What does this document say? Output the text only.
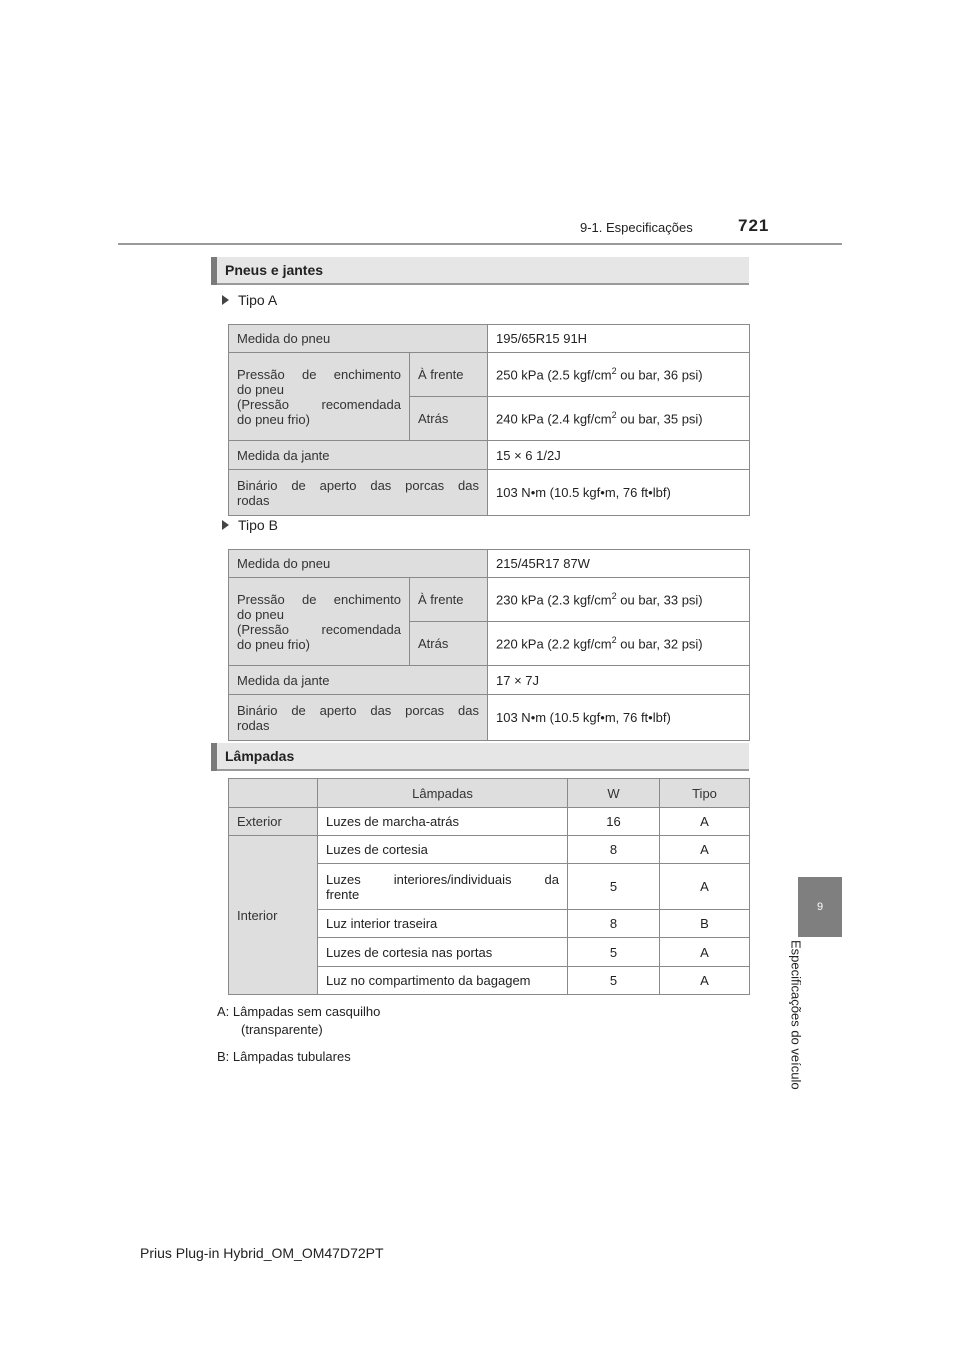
9-1. Especificações	721
9
Especificações do veículo
Pneus e jantes
Tipo A
Medida do pneu		195/65R15 91H

Pressão de enchimento
do pneu
(Pressão recomendada
do pneu frio)	À frente	250 kPa (2.5 kgf/$cm^2$ ou bar, 36 psi)
	Atrás	240 kPa (2.4 kgf/$cm^2$ ou bar, 35 psi)
Medida da jante		15 × 6 1/2J

Binário de aperto das porcas das
rodas		103 N•m (10.5 kgf•m, 76 ft•lbf)
Tipo B
Medida do pneu		215/45R17 87W

Pressão de enchimento
do pneu
(Pressão recomendada
do pneu frio)	À frente	230 kPa (2.3 kgf/$cm^2$ ou bar, 33 psi)
	Atrás	220 kPa (2.2 kgf/$cm^2$ ou bar, 32 psi)
Medida da jante		17 × 7J

Binário de aperto das porcas das
rodas		103 N•m (10.5 kgf•m, 76 ft•lbf)
Lâmpadas
	Lâmpadas	W	Tipo
Exterior	Luzes de marcha-atrás	16	A
Interior	Luzes de cortesia	8	A

	Luzes interiores/individuais da
frente	5	A
	Luz interior traseira	8	B
	Luzes de cortesia nas portas	5	A
	Luz no compartimento da bagagem	5	A
A: Lâmpadas sem casquilho
(transparente)
B: Lâmpadas tubulares
Prius Plug-in Hybrid_OM_OM47D72PT
